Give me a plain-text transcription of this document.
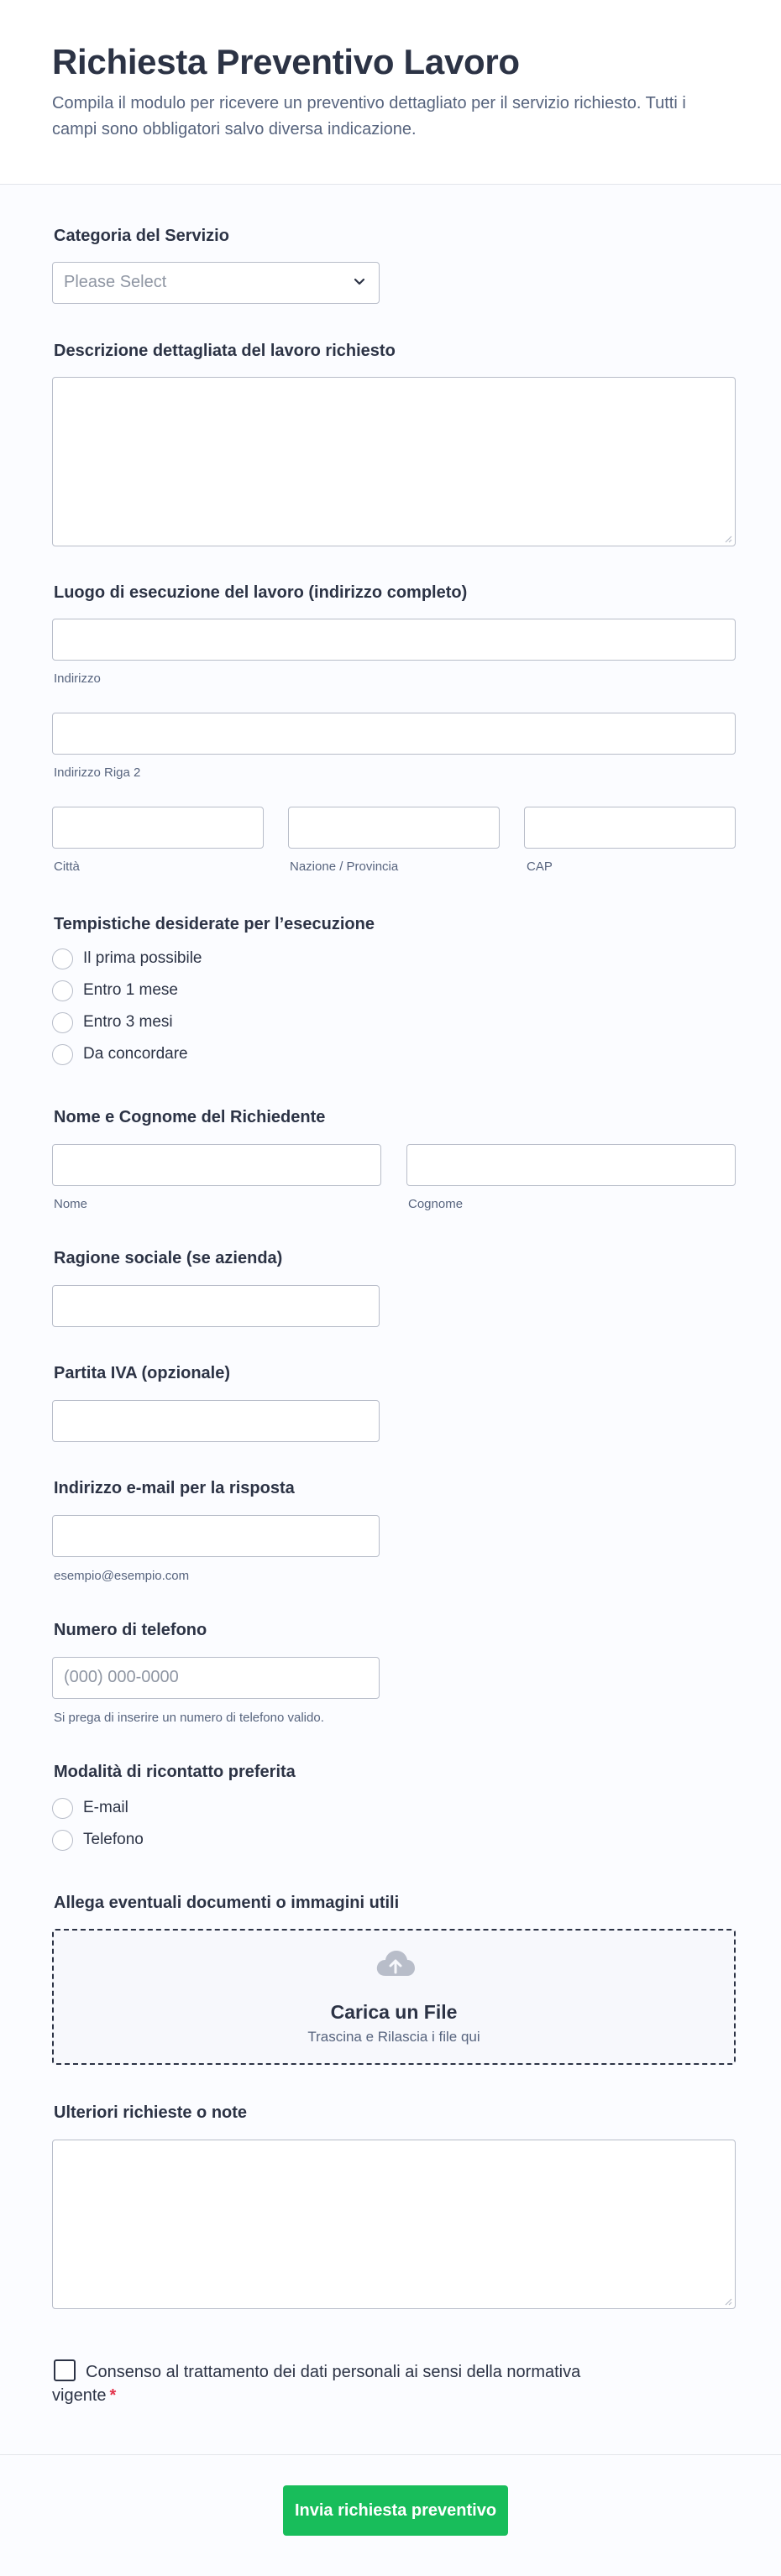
Richiesta Preventivo Lavoro
Compila il modulo per ricevere un preventivo dettagliato per il servizio richiesto. Tutti i campi sono obbligatori salvo diversa indicazione.
Categoria del Servizio
Please Select
Descrizione dettagliata del lavoro richiesto
Luogo di esecuzione del lavoro (indirizzo completo)
Indirizzo
Indirizzo Riga 2
Città	Nazione / Provincia	CAP
Tempistiche desiderate per l’esecuzione
Il prima possibile
Entro 1 mese
Entro 3 mesi
Da concordare
Nome e Cognome del Richiedente
Nome	Cognome
Ragione sociale (se azienda)
Partita IVA (opzionale)
Indirizzo e-mail per la risposta
esempio@esempio.com
Numero di telefono
(000) 000-0000
Si prega di inserire un numero di telefono valido.
Modalità di ricontatto preferita
E-mail
Telefono
Allega eventuali documenti o immagini utili
Carica un File
Trascina e Rilascia i file qui
Ulteriori richieste o note
Consenso al trattamento dei dati personali ai sensi della normativa vigente *
Invia richiesta preventivo
